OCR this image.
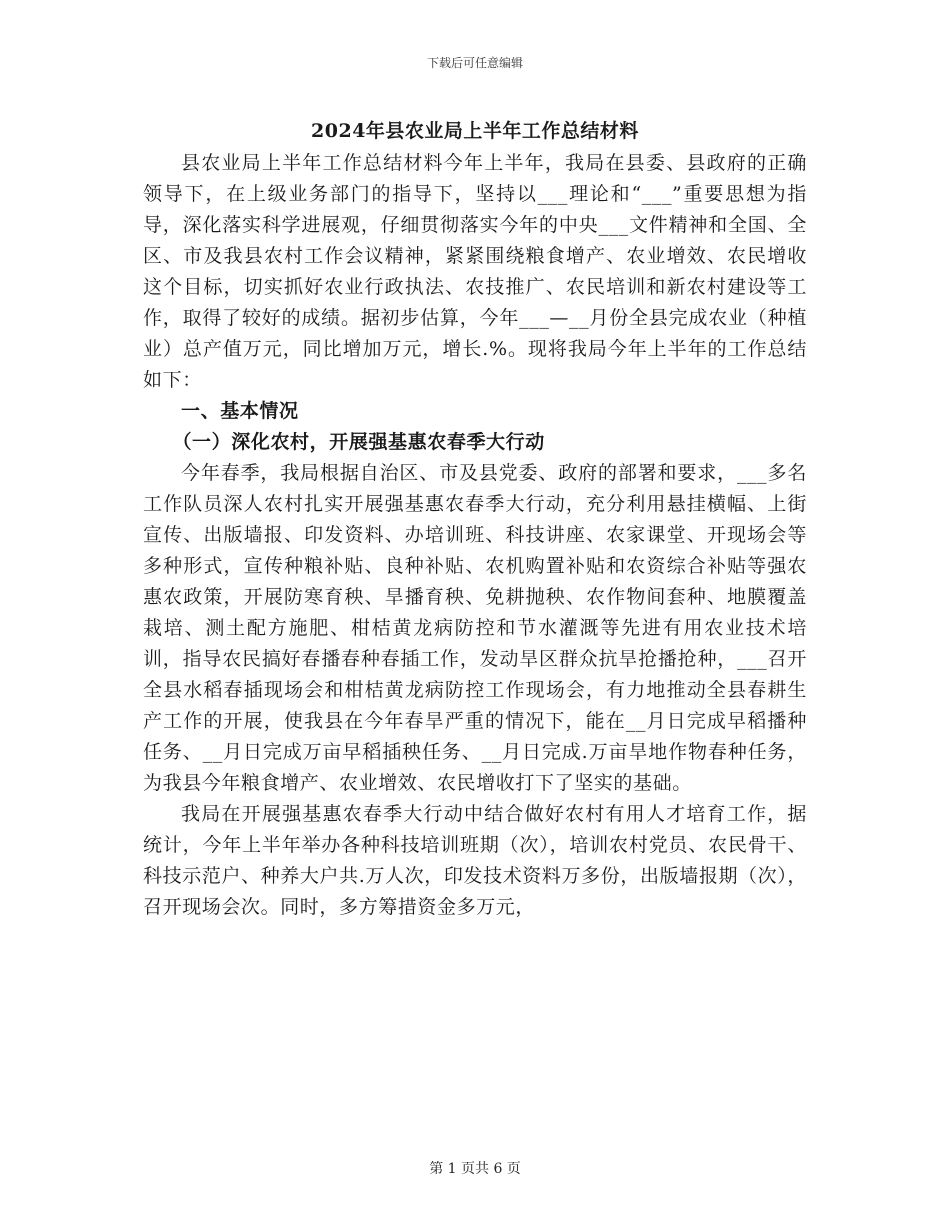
下载后可任意编辑
2024年县农业局上半年工作总结材料

县农业局上半年工作总结材料今年上半年，我局在县委、县政府的正确领导下，在上级业务部门的指导下，坚持以___理论和“___”重要思想为指导，深化落实科学进展观，仔细贯彻落实今年的中央___文件精神和全国、全区、市及我县农村工作会议精神，紧紧围绕粮食增产、农业增效、农民增收这个目标，切实抓好农业行政执法、农技推广、农民培训和新农村建设等工作，取得了较好的成绩。据初步估算，今年___—__月份全县完成农业（种植业）总产值万元，同比增加万元，增长.%。现将我局今年上半年的工作总结如下：

一、基本情况

（一）深化农村，开展强基惠农春季大行动

今年春季，我局根据自治区、市及县党委、政府的部署和要求，___多名工作队员深人农村扎实开展强基惠农春季大行动，充分利用悬挂横幅、上街宣传、出版墙报、印发资料、办培训班、科技讲座、农家课堂、开现场会等多种形式，宣传种粮补贴、良种补贴、农机购置补贴和农资综合补贴等强农惠农政策，开展防寒育秧、旱播育秧、免耕抛秧、农作物间套种、地膜覆盖栽培、测土配方施肥、柑桔黄龙病防控和节水灌溉等先进有用农业技术培训，指导农民搞好春播春种春插工作，发动旱区群众抗旱抢播抢种，___召开全县水稻春插现场会和柑桔黄龙病防控工作现场会，有力地推动全县春耕生产工作的开展，使我县在今年春旱严重的情况下，能在__月日完成早稻播种任务、__月日完成万亩早稻插秧任务、__月日完成.万亩旱地作物春种任务，为我县今年粮食增产、农业增效、农民增收打下了坚实的基础。

我局在开展强基惠农春季大行动中结合做好农村有用人才培育工作，据统计，今年上半年举办各种科技培训班期（次），培训农村党员、农民骨干、科技示范户、种养大户共.万人次，印发技术资料万多份，出版墙报期（次），召开现场会次。同时，多方筹措资金多万元，

第 1 页共 6 页
